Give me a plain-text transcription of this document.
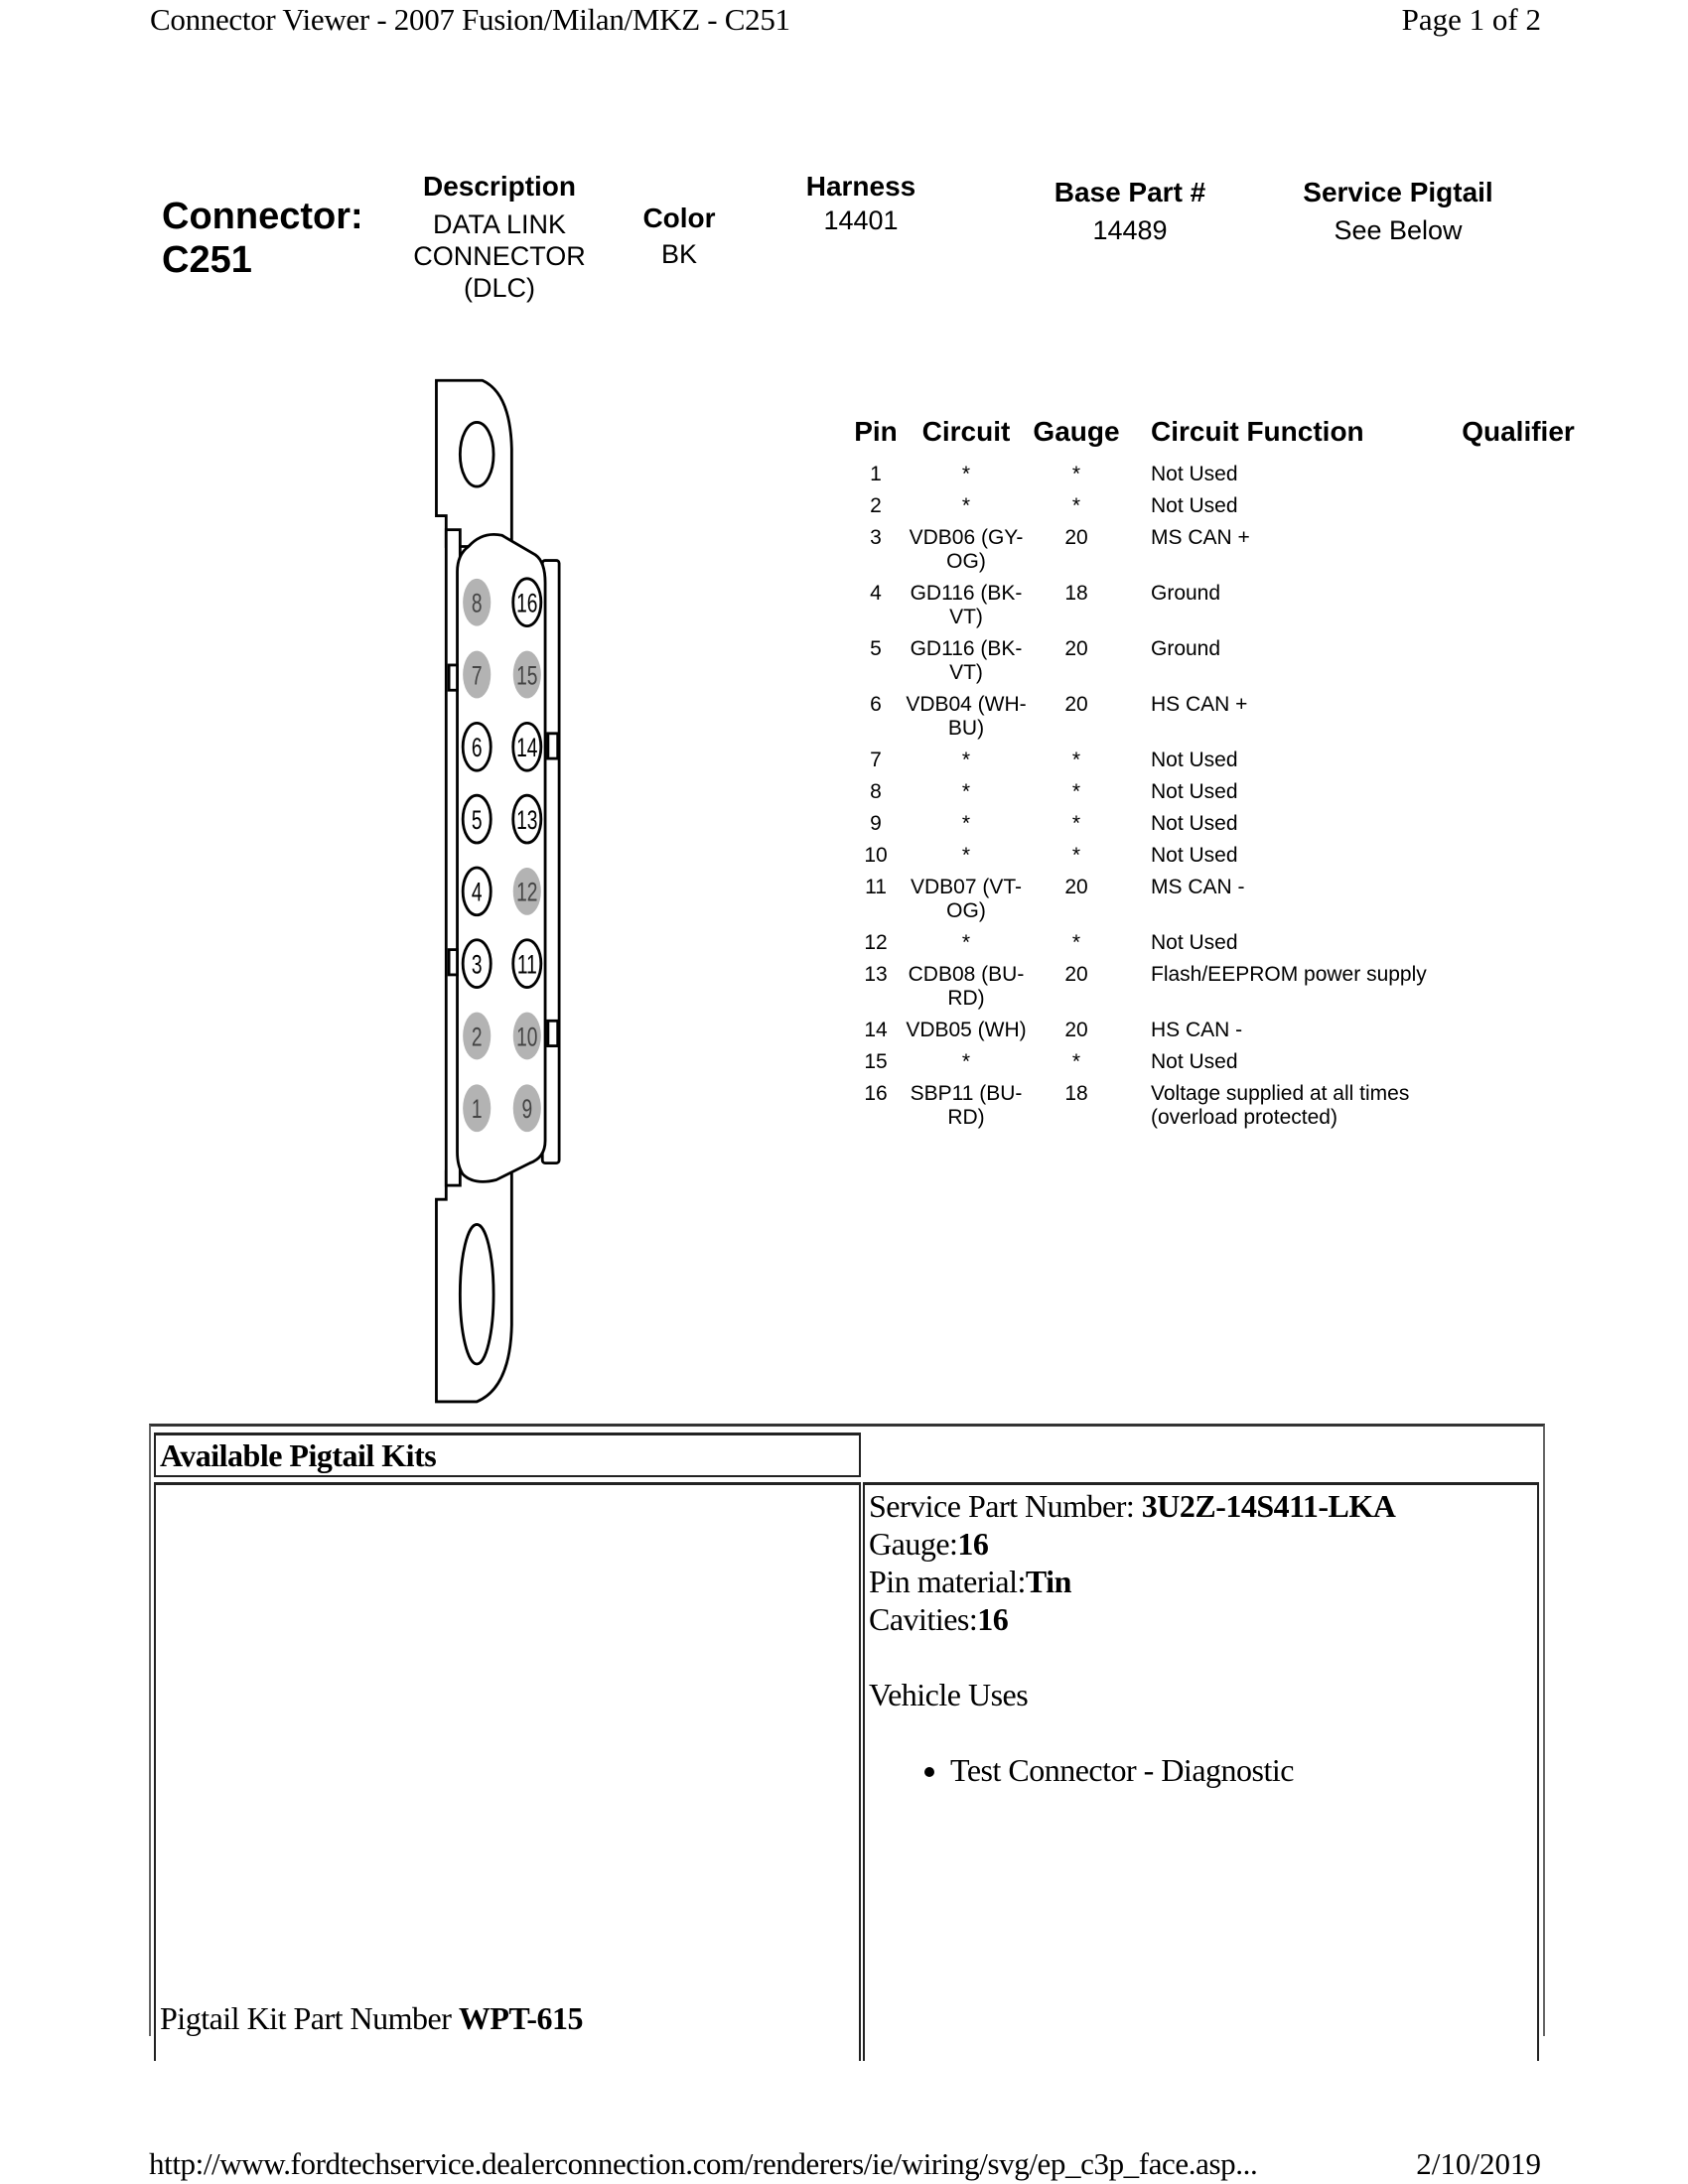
Connector Viewer - 2007 Fusion/Milan/MKZ - C251	Page 1 of 2
Connector:
C251
Description
DATA LINK CONNECTOR (DLC)
Color
BK
Harness
14401
Base Part #
14489
Service Pigtail
See Below
1
2
3
4
5
6
7
8
9
10
11
12
13
14
15
16
Pin	Circuit	Gauge	Circuit Function	Qualifier
1	*	*	Not Used	
2	*	*	Not Used	
3	VDB06 (GY-OG)	20	MS CAN +	
4	GD116 (BK-VT)	18	Ground	
5	GD116 (BK-VT)	20	Ground	
6	VDB04 (WH-BU)	20	HS CAN +	
7	*	*	Not Used	
8	*	*	Not Used	
9	*	*	Not Used	
10	*	*	Not Used	
11	VDB07 (VT-OG)	20	MS CAN -	
12	*	*	Not Used	
13	CDB08 (BU-RD)	20	Flash/EEPROM power supply	
14	VDB05 (WH)	20	HS CAN -	
15	*	*	Not Used	
16	SBP11 (BU-RD)	18	Voltage supplied at all times (overload protected)	
Available Pigtail Kits
Pigtail Kit Part Number WPT-615
Service Part Number: 3U2Z-14S411-LKA
Gauge:16
Pin material:Tin
Cavities:16
Vehicle Uses
• Test Connector - Diagnostic
http://www.fordtechservice.dealerconnection.com/renderers/ie/wiring/svg/ep_c3p_face.asp...	2/10/2019
